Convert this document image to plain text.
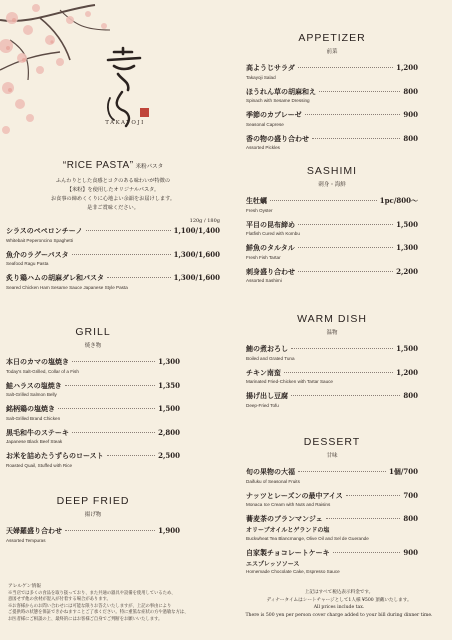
TAKAYOJI
“RICE PASTA” 米粉パスタ
ふんわりとした食感とコクのある味わいが特徴の
【米粉】を使用したオリジナルパスタ。
お食事の締めくくりに心地よい余韻をお届けします。
是非ご賞味ください。
120g / 180g
シラスのペペロンチーノ	1,100/1,400
Whitebait Peperoncino Spaghetti
魚介のラグーパスタ	1,300/1,600
Seafood Ragu Pasta
炙り鶏ハムの胡麻ダレ和パスタ	1,300/1,600
Seared Chicken Ham Sesame Sauce Japanese Style Pasta
GRILL
焼き物
本日のカマの塩焼き	1,300
Today's Salt-Grilled, Collar of a Fish
鮭ハラスの塩焼き	1,350
Salt-Grilled Salmon Belly
銘柄鶏の塩焼き	1,500
Salt-Grilled Brand Chicken
黒毛和牛のステーキ	2,800
Japanese Black Beef Steak
お米を詰めたうずらのロースト	2,500
Roasted Quail, Stuffed with Rice
DEEP FRIED
揚げ物
天婦羅盛り合わせ	1,900
Assorted Tempuras
APPETIZER
前菜
高ようじサラダ	1,200
Takayoji Salad
ほうれん草の胡麻和え	800
Spinach with Sesame Dressing
季節のカプレーゼ	900
Seasonal Caprese
香の物の盛り合わせ	800
Assorted Pickles
SASHIMI
刺身・海鮮
生牡蠣	1pc/800～
Fresh Oyster
平目の昆布締め	1,500
Flatfish Cured with Kombu
鮮魚のタルタル	1,300
Fresh Fish Tartar
刺身盛り合わせ	2,200
Assorted Sashimi
WARM DISH
温物
鮪の煮おろし	1,500
Boiled and Grated Tuna
チキン南蛮	1,200
Marinated Fried-Chicken with Tartar Sauce
揚げ出し豆腐	800
Deep-Fried Tofu
DESSERT
甘味
旬の果物の大福	1個/700
Daifuku of Seasonal Fruits
ナッツとレーズンの最中アイス	700
Monaca Ice Cream with Nuts and Raisins
蕎麦茶のブランマンジェ	800
オリーブオイルとゲランドの塩
Buckwheat Tea Blancmange, Olive Oil and Sel de Guerande
自家製チョコレートケーキ	900
エスプレッソソース
Homemade Chocolate Cake, Espresso Sauce
アレルゲン情報
※当店では多くの食品を取り扱っており、また共通の器具や設備を使用しているため、
意図せず他の食材が混入が付着する場合があります。
※お客様からのお問い合わせには可能な限りお答えいたしますが、上記の事由により
ご提供時の状態を保証できかねますことご了承ください。特に重篤な症状の方や過敏な方は、
お医者様にご相談の上、最終的にはお客様ご自身でご判断をお願いいたします。
上記はすべて税込表示料金です。
ディナータイムはシートチャージとして1人様 ¥500 頂戴いたします。
All prices include tax.
There is 500 yen per person cover charge added to your bill during dinner time.
